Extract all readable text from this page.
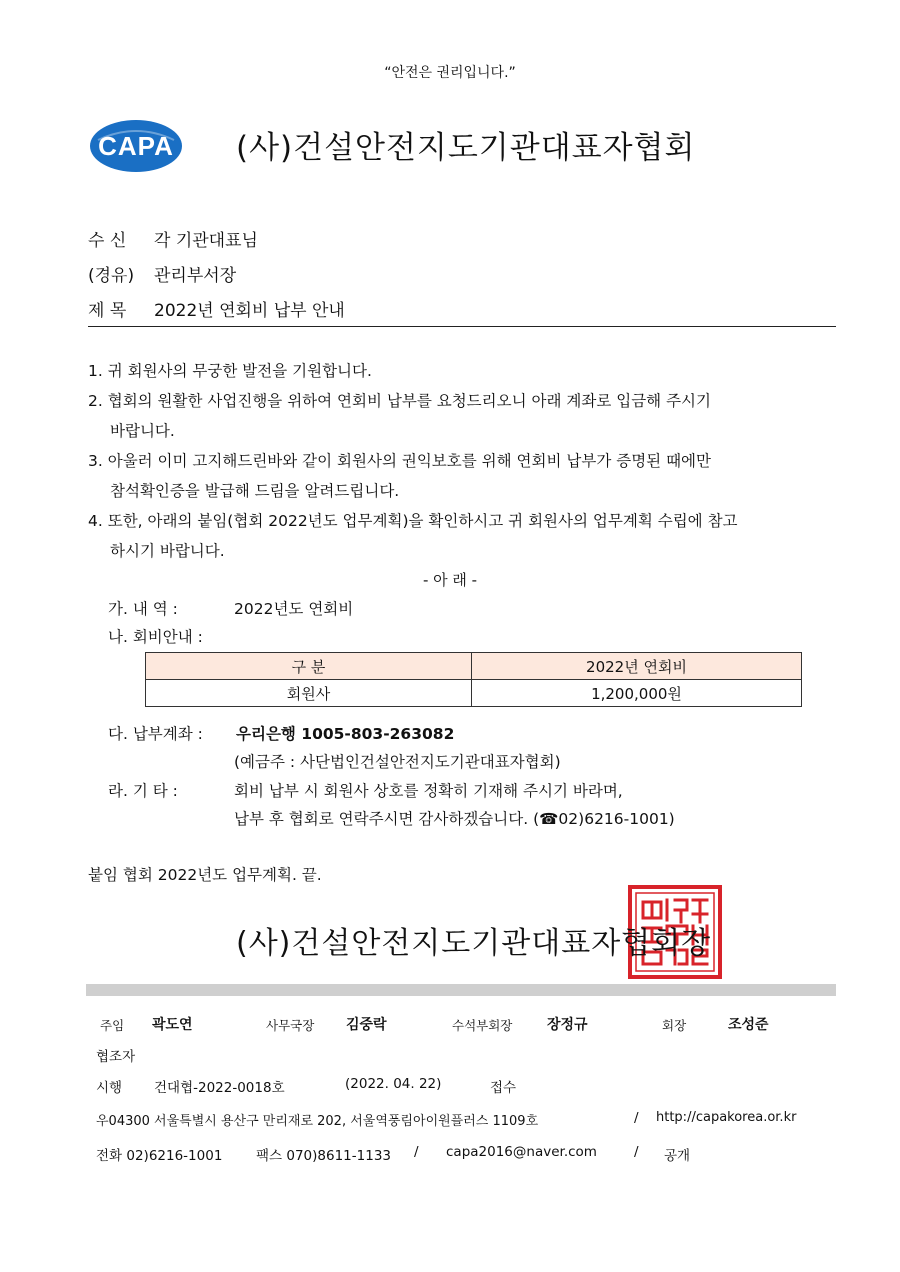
“안전은 권리입니다.”
CAPA (사)건설안전지도기관대표자협회
수 신 각 기관대표님
(경유) 관리부서장
제 목 2022년 연회비 납부 안내
1. 귀 회원사의 무궁한 발전을 기원합니다.
2. 협회의 원활한 사업진행을 위하여 연회비 납부를 요청드리오니 아래 계좌로 입금해 주시기
바랍니다.
3. 아울러 이미 고지해드린바와 같이 회원사의 권익보호를 위해 연회비 납부가 증명된 때에만
참석확인증을 발급해 드림을 알려드립니다.
4. 또한, 아래의 붙임(협회 2022년도 업무계획)을 확인하시고 귀 회원사의 업무계획 수립에 참고
하시기 바랍니다.
- 아 래 -
가. 내 역 :	2022년도 연회비
나. 회비안내 :
구 분	2022년 연회비
회원사	1,200,000원
다. 납부계좌 : 우리은행 1005-803-263082
(예금주 : 사단법인건설안전지도기관대표자협회)
라. 기 타 :	회비 납부 시 회원사 상호를 정확히 기재해 주시기 바라며,
납부 후 협회로 연락주시면 감사하겠습니다. (☎02)6216-1001)
붙임 협회 2022년도 업무계획. 끝.
(사)건설안전지도기관대표자협회장
주임 곽도연	사무국장 김중락	수석부회장 장정규	회장	조성준
협조자
시행 건대협-2022-0018호	(2022. 04. 22)	접수
우04300 서울특별시 용산구 만리재로 202, 서울역풍림아이원플러스 1109호	/ http://capakorea.or.kr
전화 02)6216-1001 팩스 070)8611-1133 / capa2016@naver.com	/ 공개
